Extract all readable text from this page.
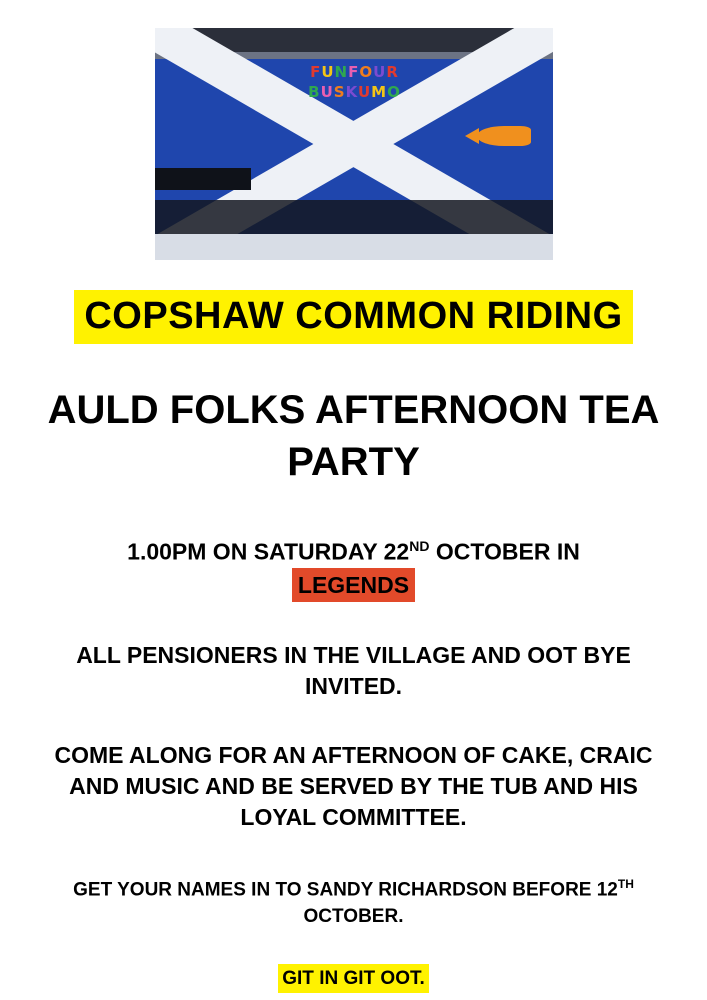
FUNFOUR
BUSKUMO
COPSHAW COMMON RIDING
AULD FOLKS AFTERNOON TEA PARTY
1.00PM ON SATURDAY 22ND OCTOBER IN
LEGENDS
ALL PENSIONERS IN THE VILLAGE AND OOT BYE INVITED.
COME ALONG FOR AN AFTERNOON OF CAKE, CRAIC AND MUSIC AND BE SERVED BY THE TUB AND HIS LOYAL COMMITTEE.
GET YOUR NAMES IN TO SANDY RICHARDSON BEFORE 12TH OCTOBER.
GIT IN GIT OOT.
